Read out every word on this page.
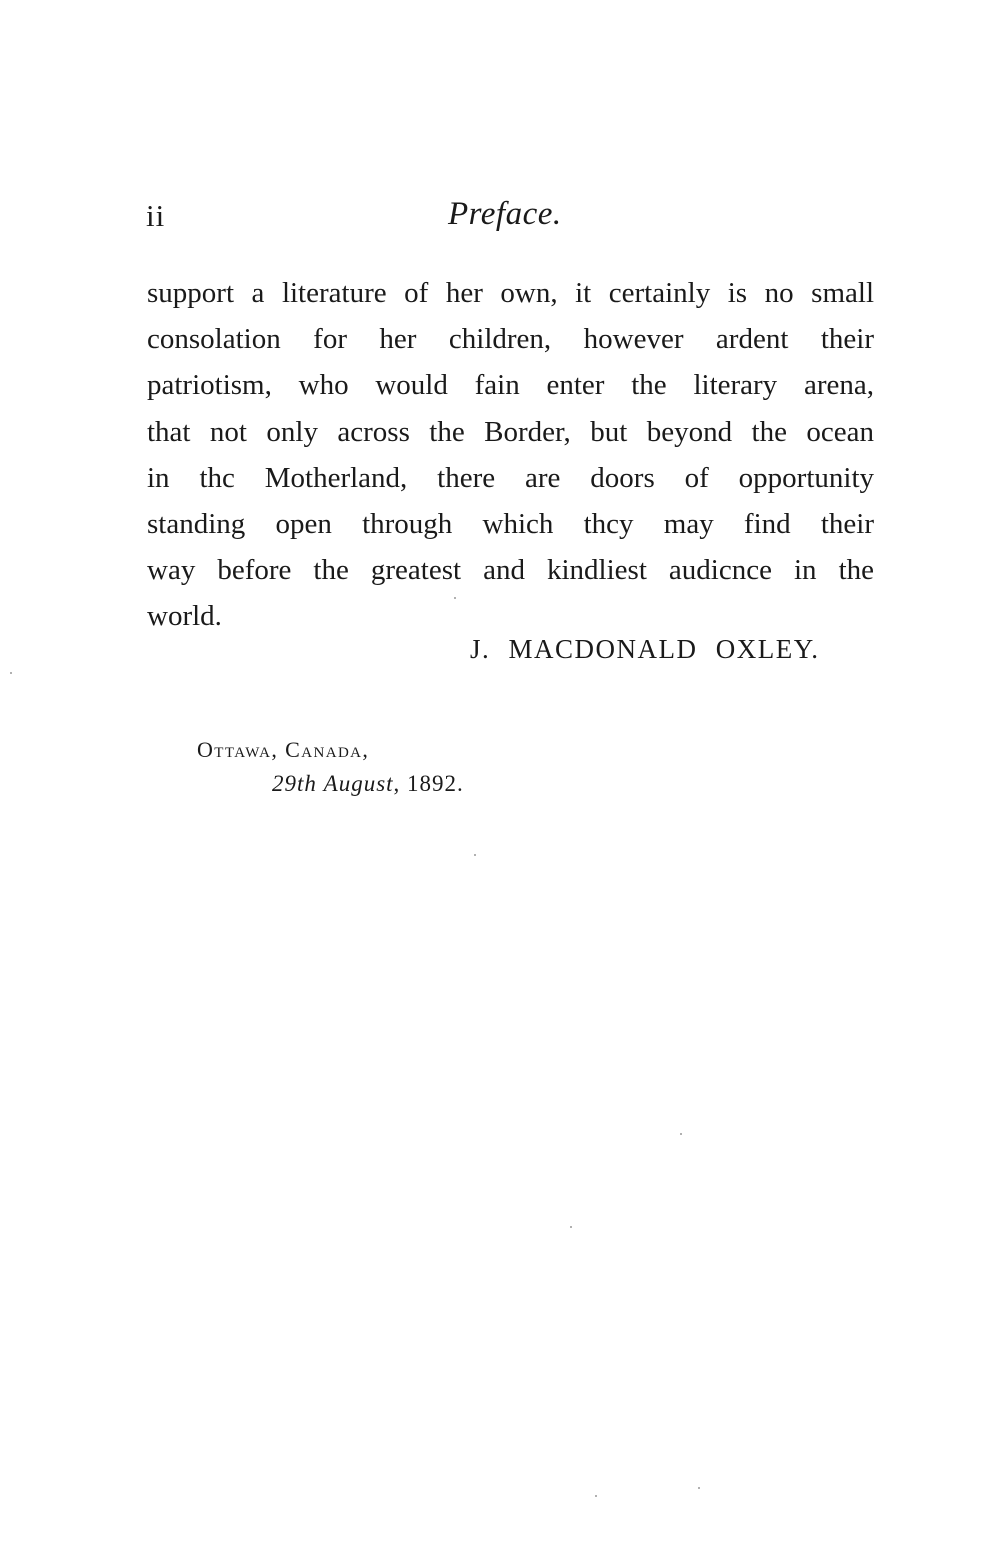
ii	Preface.
support a literature of her own, it certainly is no small
consolation for her children, however ardent their
patriotism, who would fain enter the literary arena,
that not only across the Border, but beyond the ocean
in thc Motherland, there are doors of opportunity
standing open through which thcy may find their
way before the greatest and kindliest audicnce in the
world.
J. MACDONALD OXLEY.
Ottawa, Canada,
29th August, 1892.
